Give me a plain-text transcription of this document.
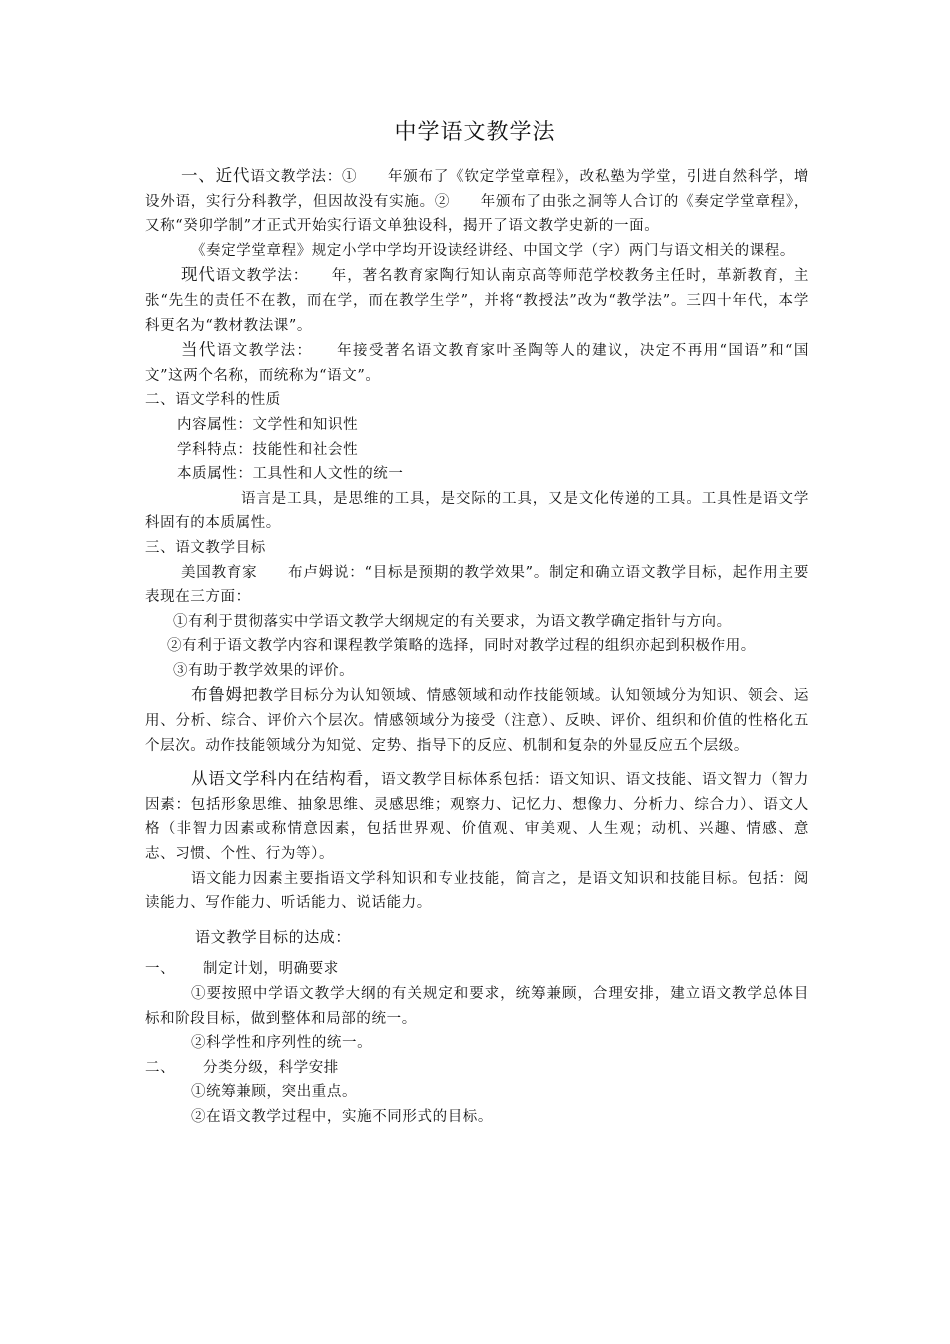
中学语文教学法

一、近代语文教学法：①　　年颁布了《钦定学堂章程》，改私塾为学堂，引进自然科学，增设外语，实行分科教学，但因故没有实施。②　　年颁布了由张之洞等人合订的《奏定学堂章程》，又称“癸卯学制”才正式开始实行语文单独设科，揭开了语文教学史新的一面。

《奏定学堂章程》规定小学中学均开设读经讲经、中国文学（字）两门与语文相关的课程。

现代语文教学法：　　年，著名教育家陶行知认南京高等师范学校教务主任时，革新教育，主张“先生的责任不在教，而在学，而在教学生学”，并将“教授法”改为“教学法”。三四十年代，本学科更名为“教材教法课”。

当代语文教学法：　　年接受著名语文教育家叶圣陶等人的建议，决定不再用“国语”和“国文”这两个名称，而统称为“语文”。

二、语文学科的性质

内容属性：文学性和知识性

学科特点：技能性和社会性

本质属性：工具性和人文性的统一

语言是工具，是思维的工具，是交际的工具，又是文化传递的工具。工具性是语文学科固有的本质属性。

三、语文教学目标

美国教育家　　布卢姆说：“目标是预期的教学效果”。制定和确立语文教学目标，起作用主要表现在三方面：

①有利于贯彻落实中学语文教学大纲规定的有关要求，为语文教学确定指针与方向。

②有利于语文教学内容和课程教学策略的选择，同时对教学过程的组织亦起到积极作用。

③有助于教学效果的评价。

布鲁姆把教学目标分为认知领域、情感领域和动作技能领域。认知领域分为知识、领会、运用、分析、综合、评价六个层次。情感领域分为接受（注意）、反映、评价、组织和价值的性格化五个层次。动作技能领域分为知觉、定势、指导下的反应、机制和复杂的外显反应五个层级。

从语文学科内在结构看，语文教学目标体系包括：语文知识、语文技能、语文智力（智力因素：包括形象思维、抽象思维、灵感思维；观察力、记忆力、想像力、分析力、综合力）、语文人格（非智力因素或称情意因素，包括世界观、价值观、审美观、人生观；动机、兴趣、情感、意志、习惯、个性、行为等）。

语文能力因素主要指语文学科知识和专业技能，简言之，是语文知识和技能目标。包括：阅读能力、写作能力、听话能力、说话能力。

语文教学目标的达成：

一、	制定计划，明确要求

①要按照中学语文教学大纲的有关规定和要求，统筹兼顾，合理安排，建立语文教学总体目标和阶段目标，做到整体和局部的统一。

②科学性和序列性的统一。

二、	分类分级，科学安排

①统筹兼顾，突出重点。

②在语文教学过程中，实施不同形式的目标。
